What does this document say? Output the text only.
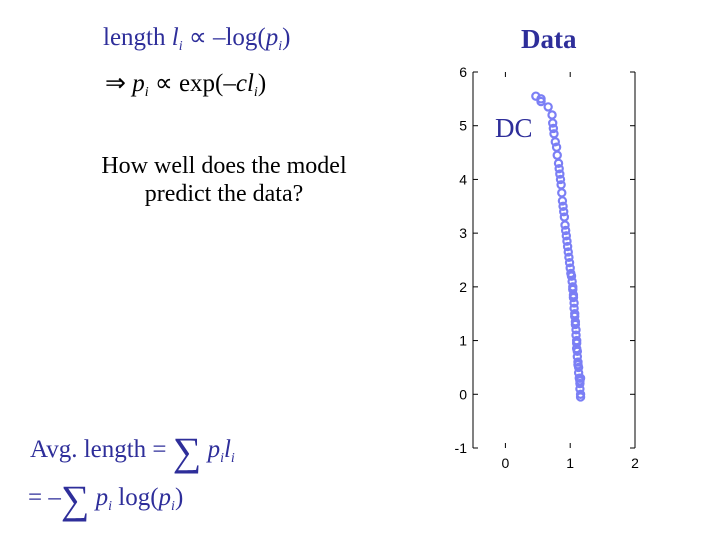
length $l_i \propto -\log(p_i)$
⇒ $p_i \propto \exp(-cl_i)$
How well does the model predict the data?
Avg. length = ∑ $p_il_i$
= –∑ $p_i$ $\log(p_i)$
Data
DC
-1
0
1
2
3
4
5
6
0	1	2
